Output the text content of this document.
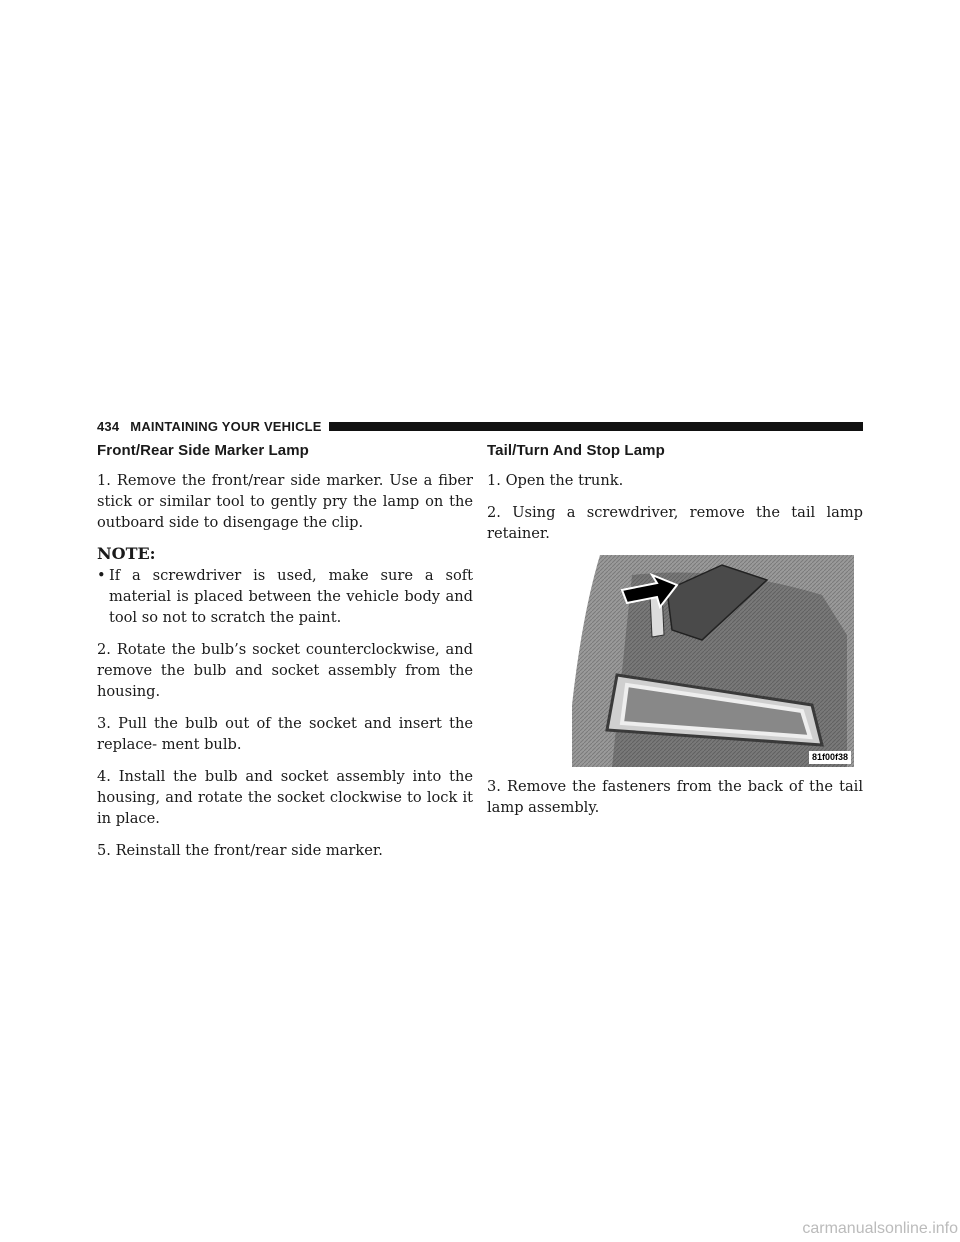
434 MAINTAINING YOUR VEHICLE
Front/Rear Side Marker Lamp

1. Remove the front/rear side marker. Use a fiber stick or similar tool to gently pry the lamp on the outboard side to disengage the clip.

NOTE:
• If a screwdriver is used, make sure a soft material is placed between the vehicle body and tool so not to scratch the paint.

2. Rotate the bulb’s socket counterclockwise, and remove the bulb and socket assembly from the housing.

3. Pull the bulb out of the socket and insert the replace- ment bulb.

4. Install the bulb and socket assembly into the housing, and rotate the socket clockwise to lock it in place.

5. Reinstall the front/rear side marker.

Tail/Turn And Stop Lamp

1. Open the trunk.

2. Using a screwdriver, remove the tail lamp retainer.

81f00f38

3. Remove the fasteners from the back of the tail lamp assembly.

carmanualsonline.info
